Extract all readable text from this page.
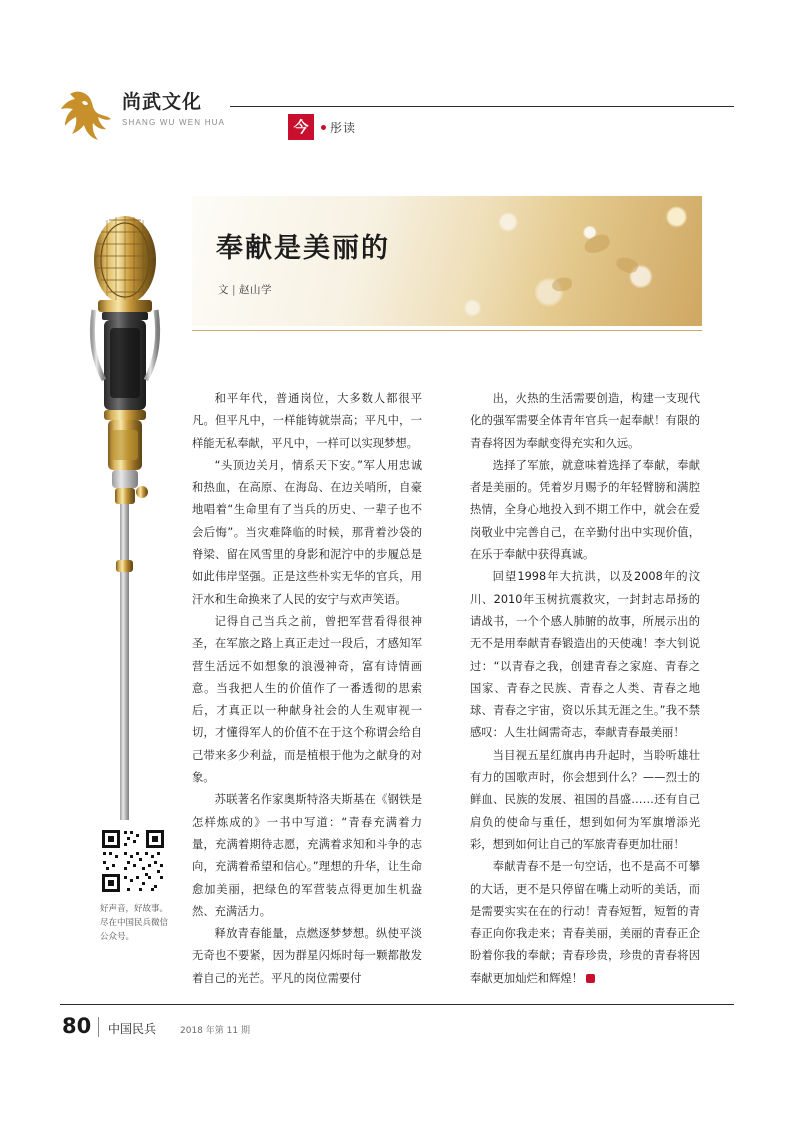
尚武文化
SHANG WU WEN HUA	今	彤读
奉献是美丽的
文 | 赵山学
好声音，好故事。尽在中国民兵微信公众号。

和平年代，普通岗位，大多数人都很平凡。但平凡中，一样能铸就崇高；平凡中，一样能无私奉献，平凡中，一样可以实现梦想。

“头顶边关月，情系天下安。”军人用忠诚和热血，在高原、在海岛、在边关哨所，自豪地唱着“生命里有了当兵的历史、一辈子也不会后悔”。当灾难降临的时候，那背着沙袋的脊梁、留在风雪里的身影和泥泞中的步履总是如此伟岸坚强。正是这些朴实无华的官兵，用汗水和生命换来了人民的安宁与欢声笑语。

记得自己当兵之前，曾把军营看得很神圣，在军旅之路上真正走过一段后，才感知军营生活远不如想象的浪漫神奇，富有诗情画意。当我把人生的价值作了一番透彻的思索后，才真正以一种献身社会的人生观审视一切，才懂得军人的价值不在于这个称谓会给自己带来多少利益，而是植根于他为之献身的对象。

苏联著名作家奥斯特洛夫斯基在《钢铁是怎样炼成的》一书中写道：“青春充满着力量，充满着期待志愿，充满着求知和斗争的志向，充满着希望和信心。”理想的升华，让生命愈加美丽，把绿色的军营装点得更加生机盎然、充满活力。

释放青春能量，点燃逐梦梦想。纵使平淡无奇也不要紧，因为群星闪烁时每一颗都散发着自己的光芒。平凡的岗位需要付

出，火热的生活需要创造，构建一支现代化的强军需要全体青年官兵一起奉献！有限的青春将因为奉献变得充实和久远。

选择了军旅，就意味着选择了奉献，奉献者是美丽的。凭着岁月赐予的年轻臂膀和满腔热情，全身心地投入到不期工作中，就会在爱岗敬业中完善自己，在辛勤付出中实现价值，在乐于奉献中获得真诚。

回望1998年大抗洪，以及2008年的汶川、2010年玉树抗震救灾，一封封志昂扬的请战书，一个个感人肺腑的故事，所展示出的无不是用奉献青春锻造出的天使魂！李大钊说过：“以青春之我，创建青春之家庭、青春之国家、青春之民族、青春之人类、青春之地球、青春之宇宙，资以乐其无涯之生。”我不禁感叹：人生壮阔需奇志，奉献青春最美丽！

当目视五星红旗冉冉升起时，当聆听雄壮有力的国歌声时，你会想到什么？——烈士的鲜血、民族的发展、祖国的昌盛……还有自己肩负的使命与重任，想到如何为军旗增添光彩，想到如何让自己的军旅青春更加壮丽！

奉献青春不是一句空话，也不是高不可攀的大话，更不是只停留在嘴上动听的美话，而是需要实实在在的行动！青春短暂，短暂的青春正向你我走来；青春美丽，美丽的青春正企盼着你我的奉献；青春珍贵，珍贵的青春将因奉献更加灿烂和辉煌！

80 中国民兵	2018 年第 11 期
